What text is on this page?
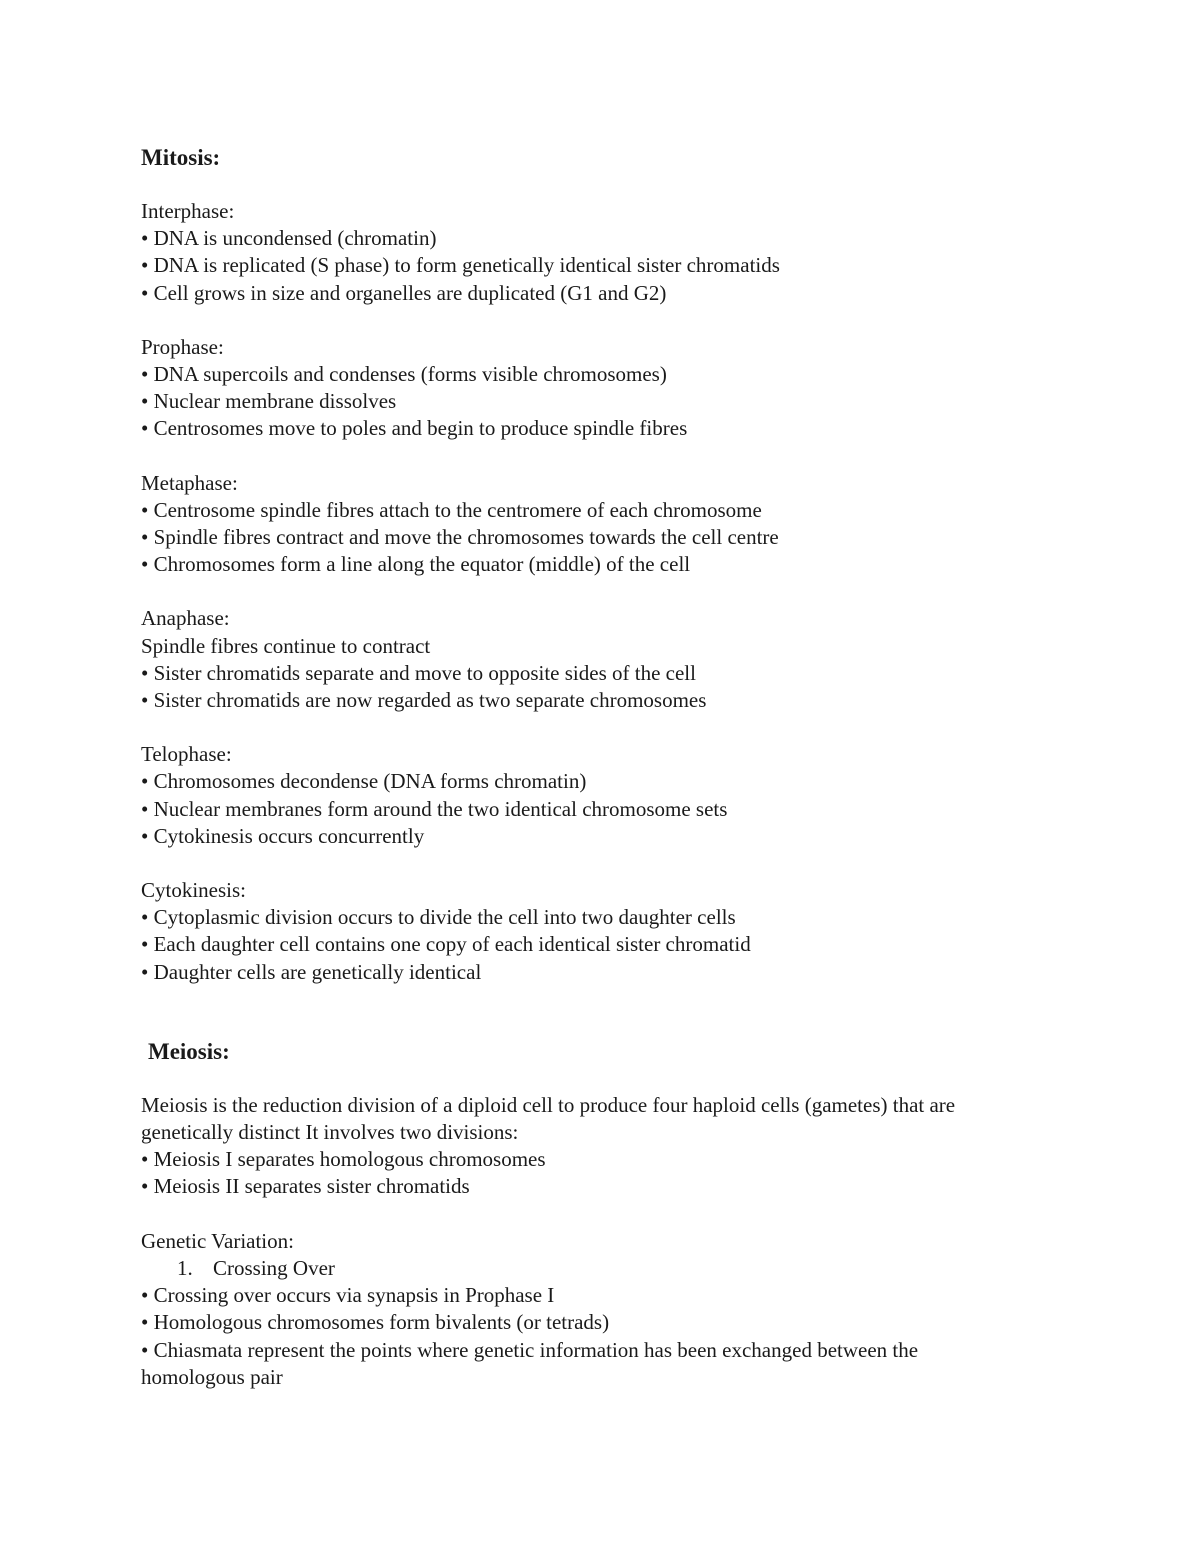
Mitosis:

Interphase:

• DNA is uncondensed (chromatin)

• DNA is replicated (S phase) to form genetically identical sister chromatids

• Cell grows in size and organelles are duplicated (G1 and G2)

Prophase:

• DNA supercoils and condenses (forms visible chromosomes)

• Nuclear membrane dissolves

• Centrosomes move to poles and begin to produce spindle fibres

Metaphase:

• Centrosome spindle fibres attach to the centromere of each chromosome

• Spindle fibres contract and move the chromosomes towards the cell centre

• Chromosomes form a line along the equator (middle) of the cell

Anaphase:

Spindle fibres continue to contract

• Sister chromatids separate and move to opposite sides of the cell

• Sister chromatids are now regarded as two separate chromosomes

Telophase:

• Chromosomes decondense (DNA forms chromatin)

• Nuclear membranes form around the two identical chromosome sets

• Cytokinesis occurs concurrently

Cytokinesis:

• Cytoplasmic division occurs to divide the cell into two daughter cells

• Each daughter cell contains one copy of each identical sister chromatid

• Daughter cells are genetically identical

Meiosis:

Meiosis is the reduction division of a diploid cell to produce four haploid cells (gametes) that are

genetically distinct It involves two divisions:

• Meiosis I separates homologous chromosomes

• Meiosis II separates sister chromatids

Genetic Variation:

1. Crossing Over

• Crossing over occurs via synapsis in Prophase I

• Homologous chromosomes form bivalents (or tetrads)

• Chiasmata represent the points where genetic information has been exchanged between the

homologous pair
